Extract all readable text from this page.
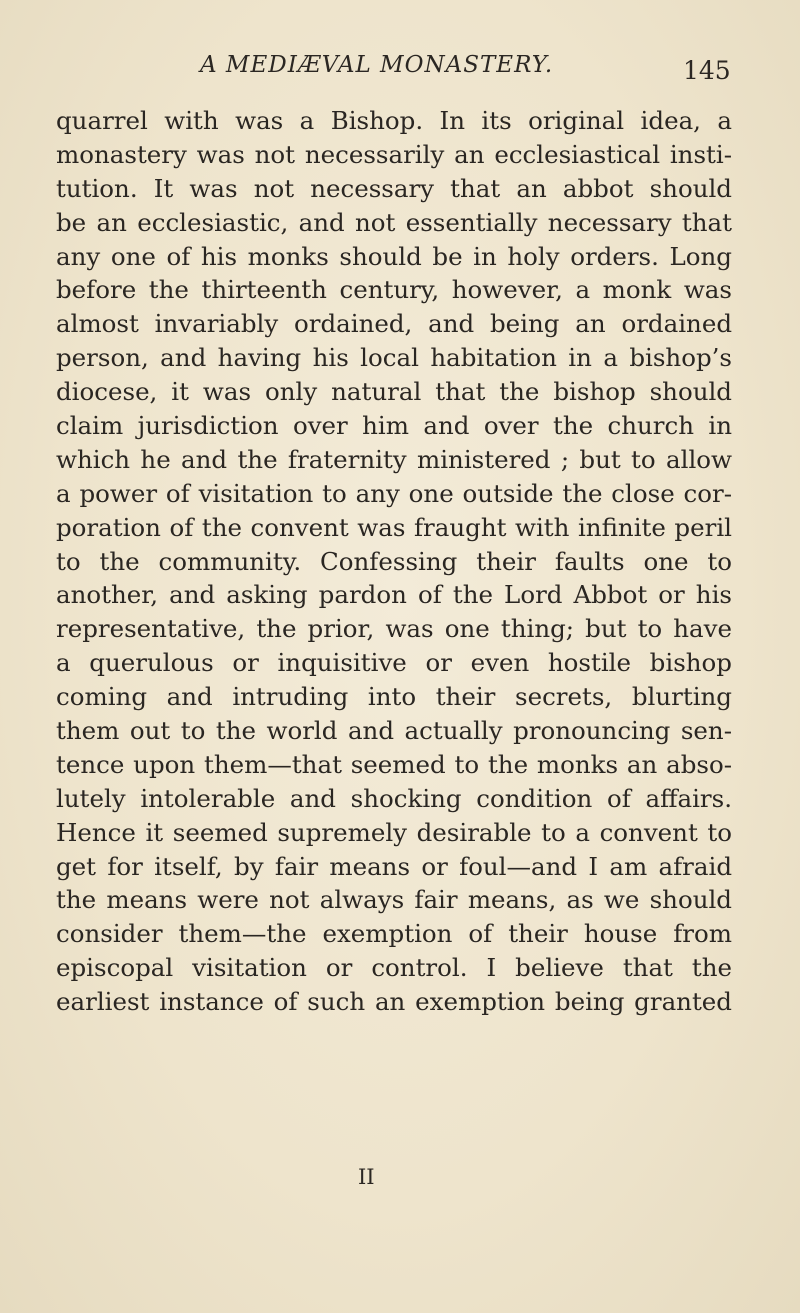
A MEDIÆVAL MONASTERY.	145
quarrel with was a Bishop. In its original idea, a
monastery was not necessarily an ecclesiastical insti-
tution. It was not necessary that an abbot should
be an ecclesiastic, and not essentially necessary that
any one of his monks should be in holy orders. Long
before the thirteenth century, however, a monk was
almost invariably ordained, and being an ordained
person, and having his local habitation in a bishop’s
diocese, it was only natural that the bishop should
claim jurisdiction over him and over the church in
which he and the fraternity ministered ; but to allow
a power of visitation to any one outside the close cor-
poration of the convent was fraught with infinite peril
to the community. Confessing their faults one to
another, and asking pardon of the Lord Abbot or his
representative, the prior, was one thing; but to have
a querulous or inquisitive or even hostile bishop
coming and intruding into their secrets, blurting
them out to the world and actually pronouncing sen-
tence upon them—that seemed to the monks an abso-
lutely intolerable and shocking condition of affairs.
Hence it seemed supremely desirable to a convent to
get for itself, by fair means or foul—and I am afraid
the means were not always fair means, as we should
consider them—the exemption of their house from
episcopal visitation or control. I believe that the
earliest instance of such an exemption being granted
II
